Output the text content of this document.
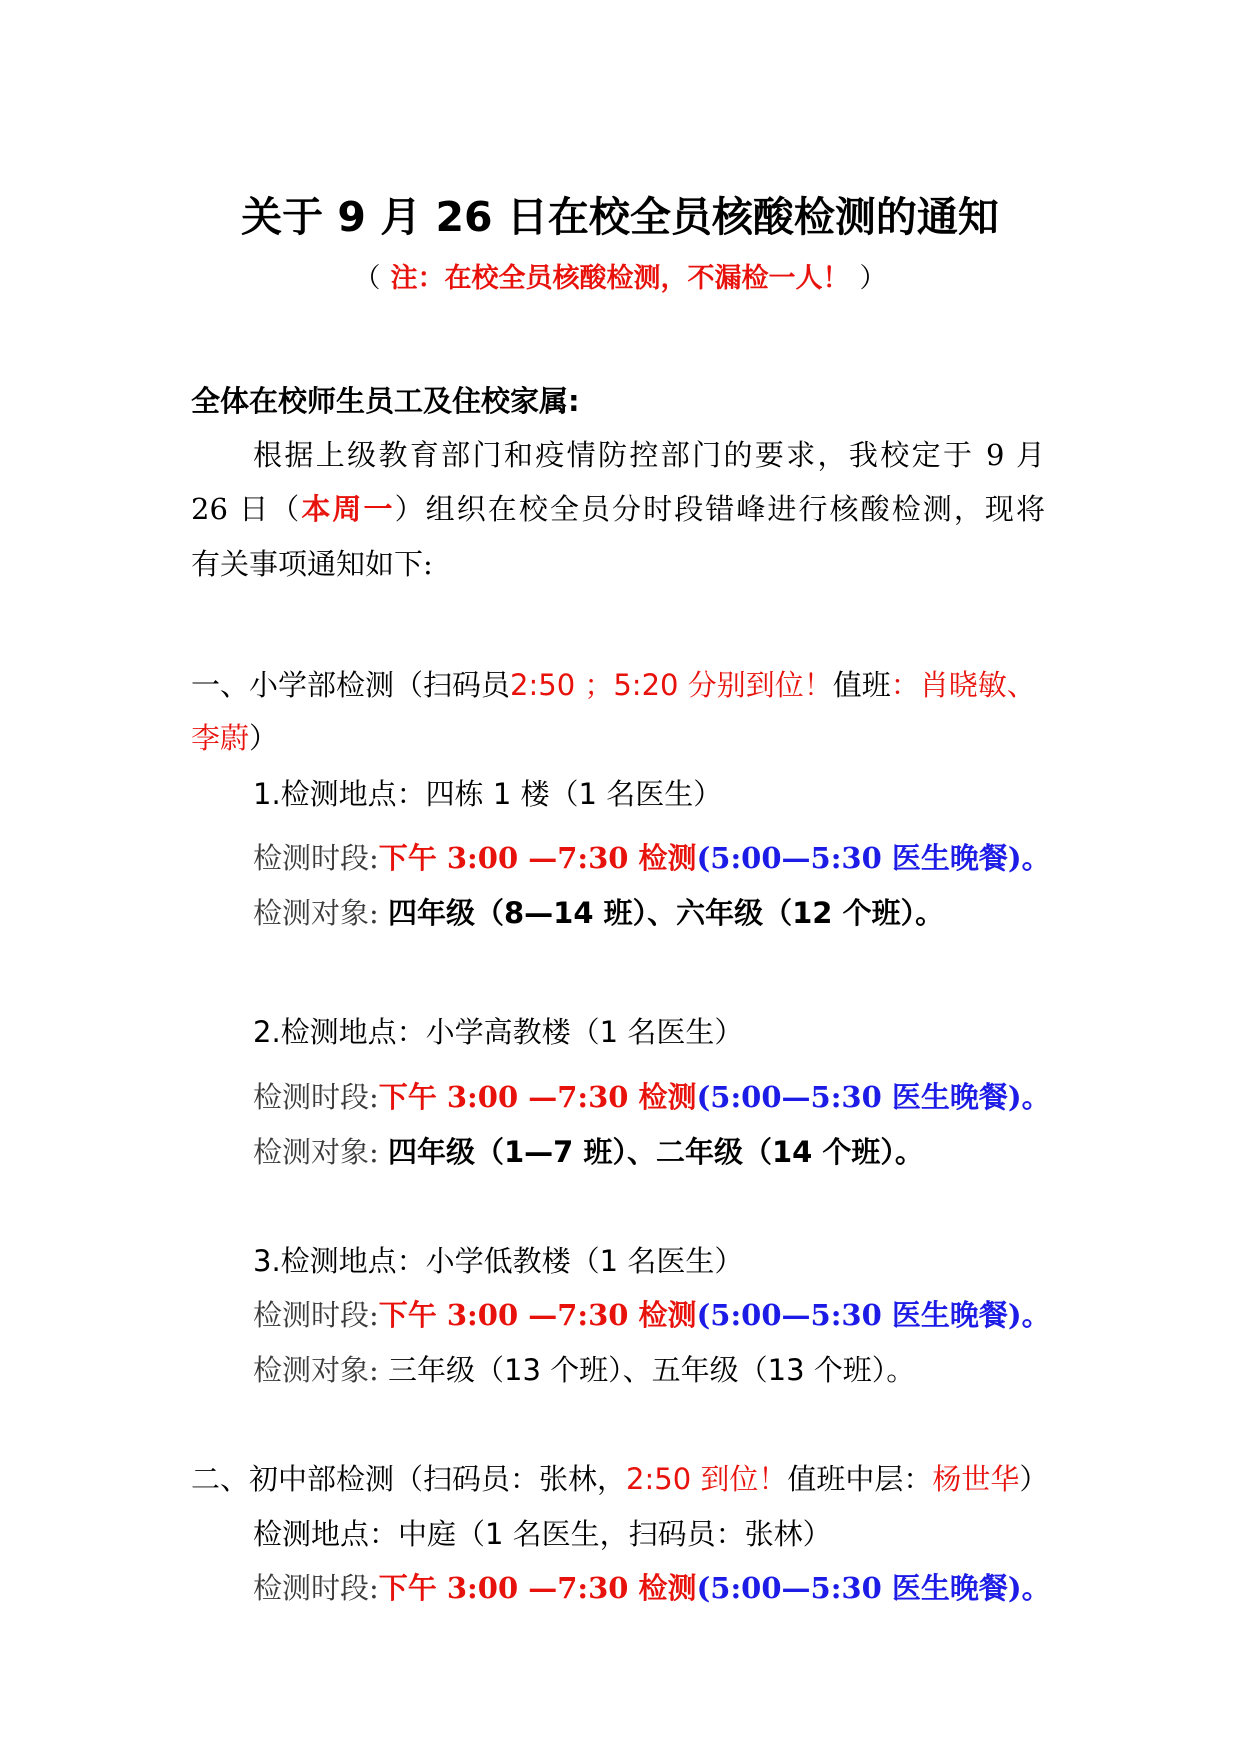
关于 9 月 26 日在校全员核酸检测的通知
（ 注：在校全员核酸检测，不漏检一人！ ）
全体在校师生员工及住校家属:
根据上级教育部门和疫情防控部门的要求，我校定于 9 月
26 日（本周一）组织在校全员分时段错峰进行核酸检测，现将
有关事项通知如下:
一、小学部检测（扫码员2:50 ；5:20 分别到位！值班：肖晓敏、
李蔚）
1.检测地点：四栋 1 楼（1 名医生）
检测时段:下午 3:00 —7:30 检测(5:00—5:30 医生晚餐)。
检测对象: 四年级（8—14 班）、六年级（12 个班）。
2.检测地点：小学高教楼（1 名医生）
检测时段:下午 3:00 —7:30 检测(5:00—5:30 医生晚餐)。
检测对象: 四年级（1—7 班）、二年级（14 个班）。
3.检测地点：小学低教楼（1 名医生）
检测时段:下午 3:00 —7:30 检测(5:00—5:30 医生晚餐)。
检测对象: 三年级（13 个班）、五年级（13 个班）。
二、初中部检测（扫码员：张林，2:50 到位！值班中层：杨世华）
检测地点：中庭（1 名医生，扫码员：张林）
检测时段:下午 3:00 —7:30 检测(5:00—5:30 医生晚餐)。
